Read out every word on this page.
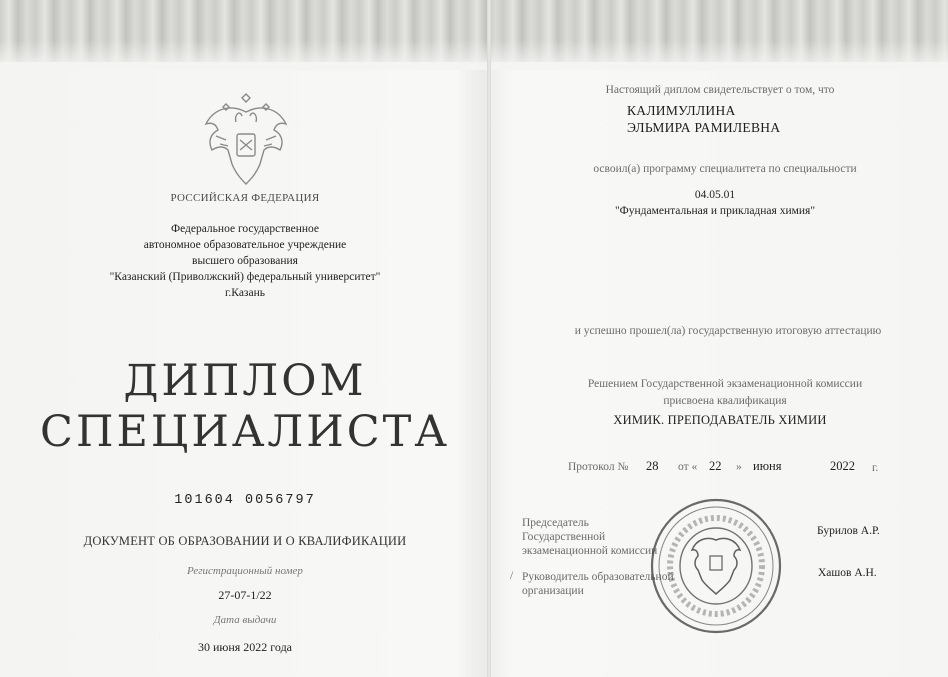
РОССИЙСКАЯ ФЕДЕРАЦИЯ
Федеральное государственное
автономное образовательное учреждение
высшего образования
"Казанский (Приволжский) федеральный университет"
г.Казань
ДИПЛОМ
СПЕЦИАЛИСТА
101604 0056797
ДОКУМЕНТ ОБ ОБРАЗОВАНИИ И О КВАЛИФИКАЦИИ
Регистрационный номер
27-07-1/22
Дата выдачи
30 июня 2022 года
Настоящий диплом свидетельствует о том, что
КАЛИМУЛЛИНА
ЭЛЬМИРА РАМИЛЕВНА
освоил(а) программу специалитета по специальности
04.05.01
"Фундаментальная и прикладная химия"
и успешно прошел(ла) государственную итоговую аттестацию
Решением Государственной экзаменационной комиссии
присвоена квалификация
ХИМИК. ПРЕПОДАВАТЕЛЬ ХИМИИ
Протокол № 28 от « 22 » июня	2022 г.
Председатель
Государственной
экзаменационной комиссии
Бурилов А.Р.
/ Руководитель образовательной
организации
Хашов А.Н.
